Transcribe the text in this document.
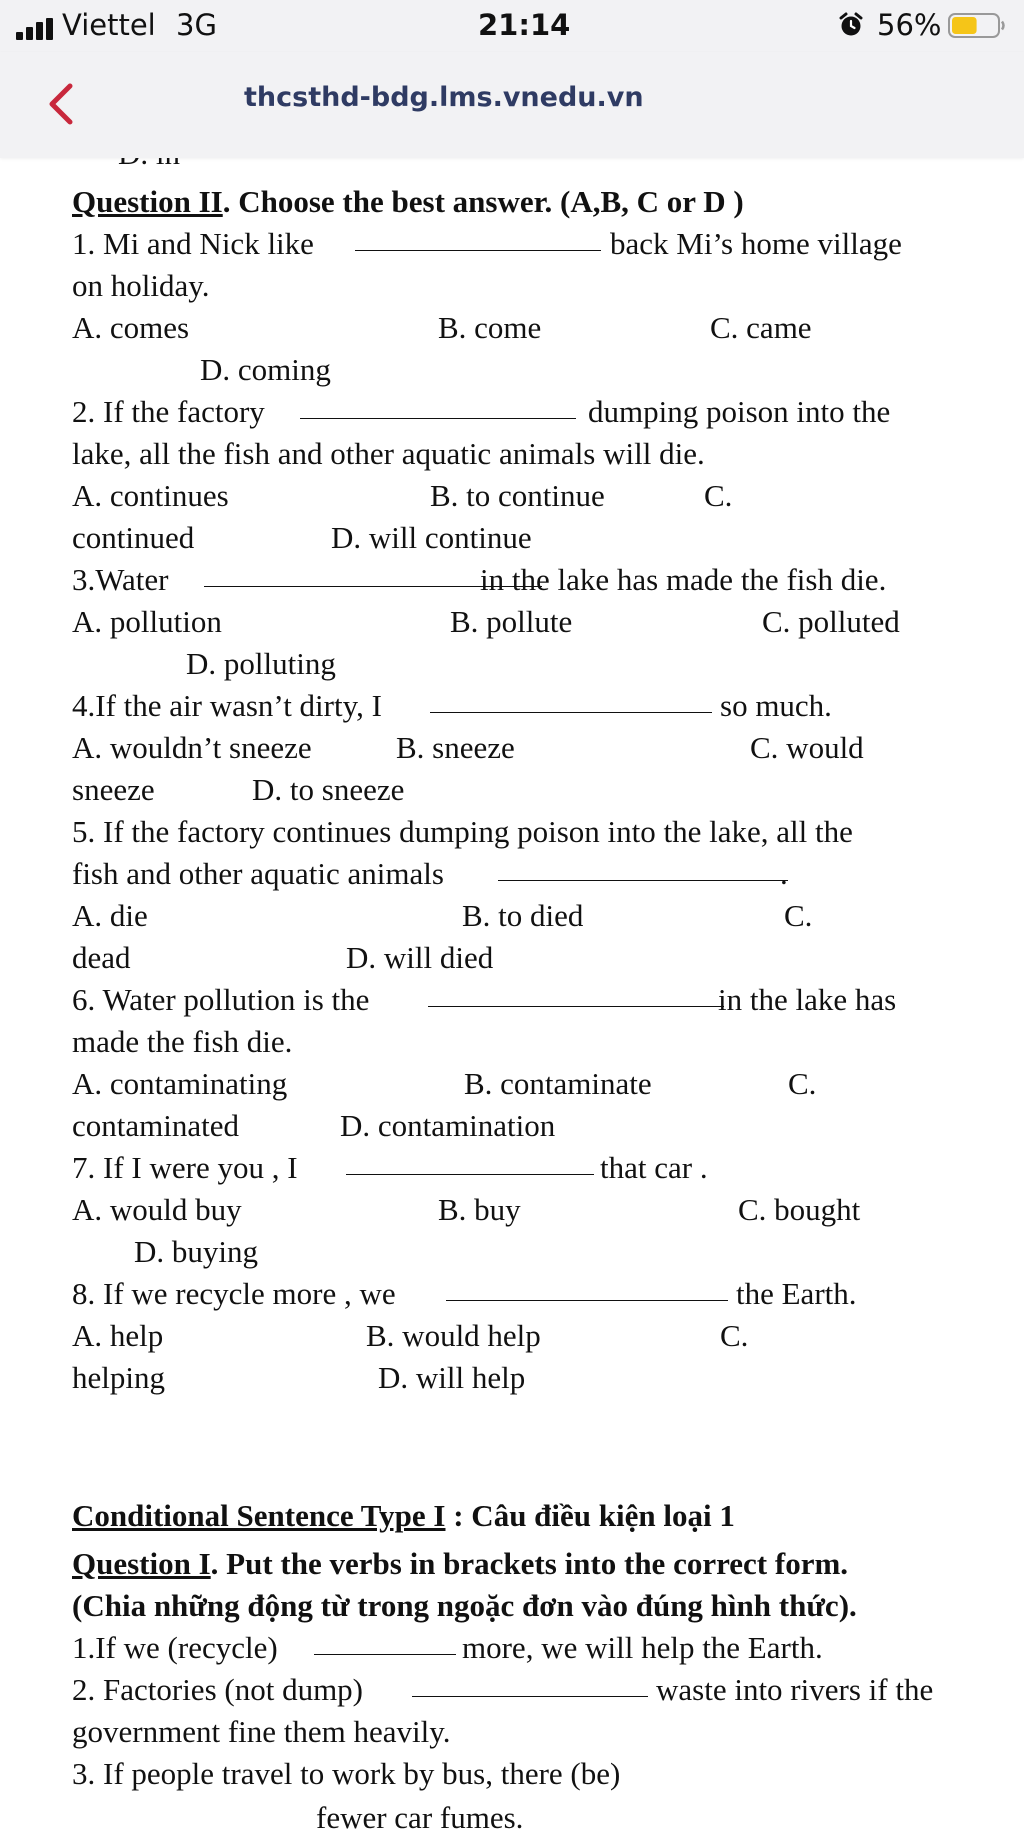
Viettel 3G	21:14	56%
thcsthd-bdg.lms.vnedu.vn
Question II. Choose the best answer. (A,B, C or D )
1. Mi and Nick like	back Mi’s home village
on holiday.
A. comes	B. come	C. came
D. coming
2. If the factory	dumping poison into the
lake, all the fish and other aquatic animals will die.
A. continues	B. to continue	C.
continued	D. will continue
3.Water	in the lake has made the fish die.
A. pollution	B. pollute	C. polluted
D. polluting
4.If the air wasn’t dirty, I	so much.
A. wouldn’t sneeze	B. sneeze	C. would
sneeze	D. to sneeze
5. If the factory continues dumping poison into the lake, all the
fish and other aquatic animals	.
A. die	B. to died	C.
dead	D. will died
6. Water pollution is the	in the lake has
made the fish die.
A. contaminating	B. contaminate	C.
contaminated	D. contamination
7. If I were you , I	that car .
A. would buy	B. buy	C. bought
D. buying
8. If we recycle more , we	the Earth.
A. help	B. would help	C.
helping	D. will help
Conditional Sentence Type I : Câu điều kiện loại 1
Question I. Put the verbs in brackets into the correct form.
(Chia những động từ trong ngoặc đơn vào đúng hình thức).
1.If we (recycle)	more, we will help the Earth.
2. Factories (not dump)	waste into rivers if the
government fine them heavily.
3. If people travel to work by bus, there (be)
fewer car fumes.
